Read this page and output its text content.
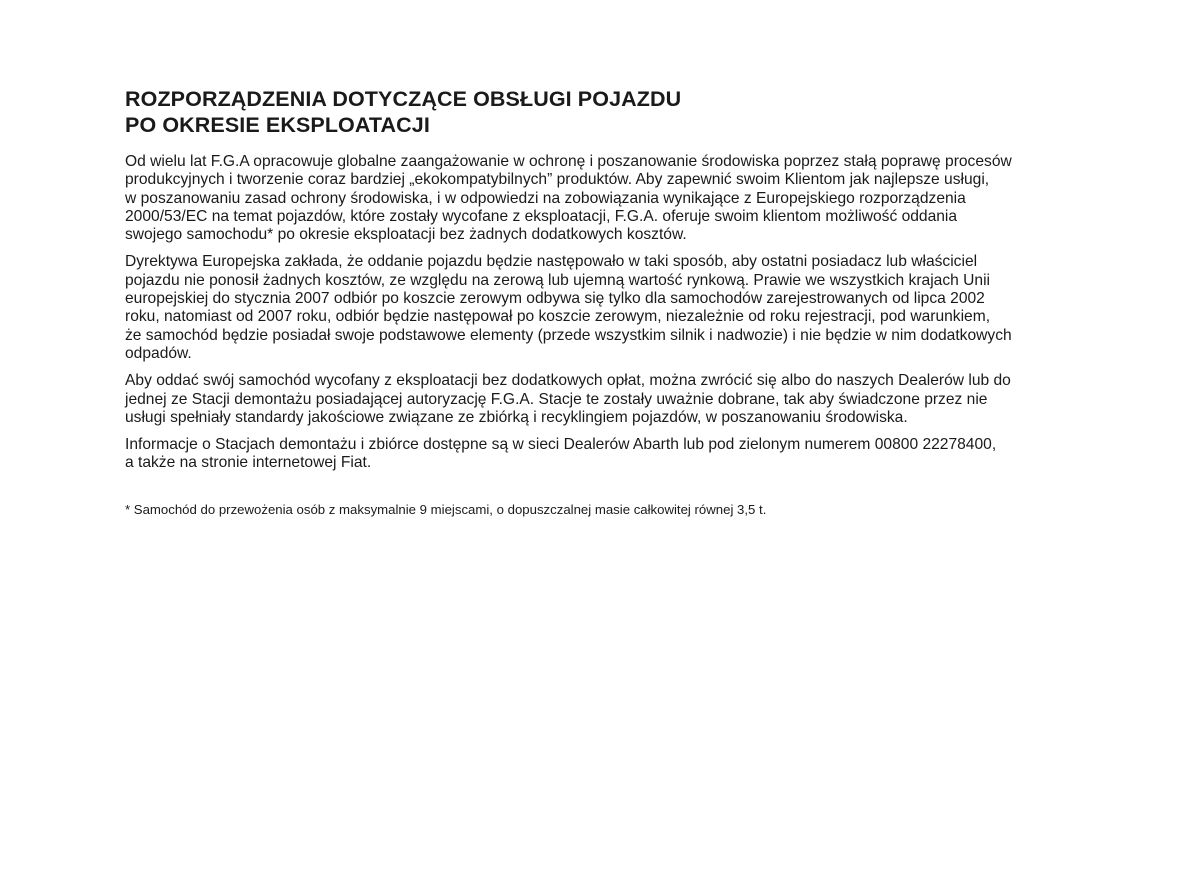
ROZPORZĄDZENIA DOTYCZĄCE OBSŁUGI POJAZDU
PO OKRESIE EKSPLOATACJI

Od wielu lat F.G.A opracowuje globalne zaangażowanie w ochronę i poszanowanie środowiska poprzez stałą poprawę procesów
produkcyjnych i tworzenie coraz bardziej „ekokompatybilnych” produktów. Aby zapewnić swoim Klientom jak najlepsze usługi,
w poszanowaniu zasad ochrony środowiska, i w odpowiedzi na zobowiązania wynikające z Europejskiego rozporządzenia
2000/53/EC na temat pojazdów, które zostały wycofane z eksploatacji, F.G.A. oferuje swoim klientom możliwość oddania
swojego samochodu* po okresie eksploatacji bez żadnych dodatkowych kosztów.

Dyrektywa Europejska zakłada, że oddanie pojazdu będzie następowało w taki sposób, aby ostatni posiadacz lub właściciel
pojazdu nie ponosił żadnych kosztów, ze względu na zerową lub ujemną wartość rynkową. Prawie we wszystkich krajach Unii
europejskiej do stycznia 2007 odbiór po koszcie zerowym odbywa się tylko dla samochodów zarejestrowanych od lipca 2002
roku, natomiast od 2007 roku, odbiór będzie następował po koszcie zerowym, niezależnie od roku rejestracji, pod warunkiem,
że samochód będzie posiadał swoje podstawowe elementy (przede wszystkim silnik i nadwozie) i nie będzie w nim dodatkowych
odpadów.

Aby oddać swój samochód wycofany z eksploatacji bez dodatkowych opłat, można zwrócić się albo do naszych Dealerów lub do
jednej ze Stacji demontażu posiadającej autoryzację F.G.A. Stacje te zostały uważnie dobrane, tak aby świadczone przez nie
usługi spełniały standardy jakościowe związane ze zbiórką i recyklingiem pojazdów, w poszanowaniu środowiska.

Informacje o Stacjach demontażu i zbiórce dostępne są w sieci Dealerów Abarth lub pod zielonym numerem 00800 22278400,
a także na stronie internetowej Fiat.

* Samochód do przewożenia osób z maksymalnie 9 miejscami, o dopuszczalnej masie całkowitej równej 3,5 t.
